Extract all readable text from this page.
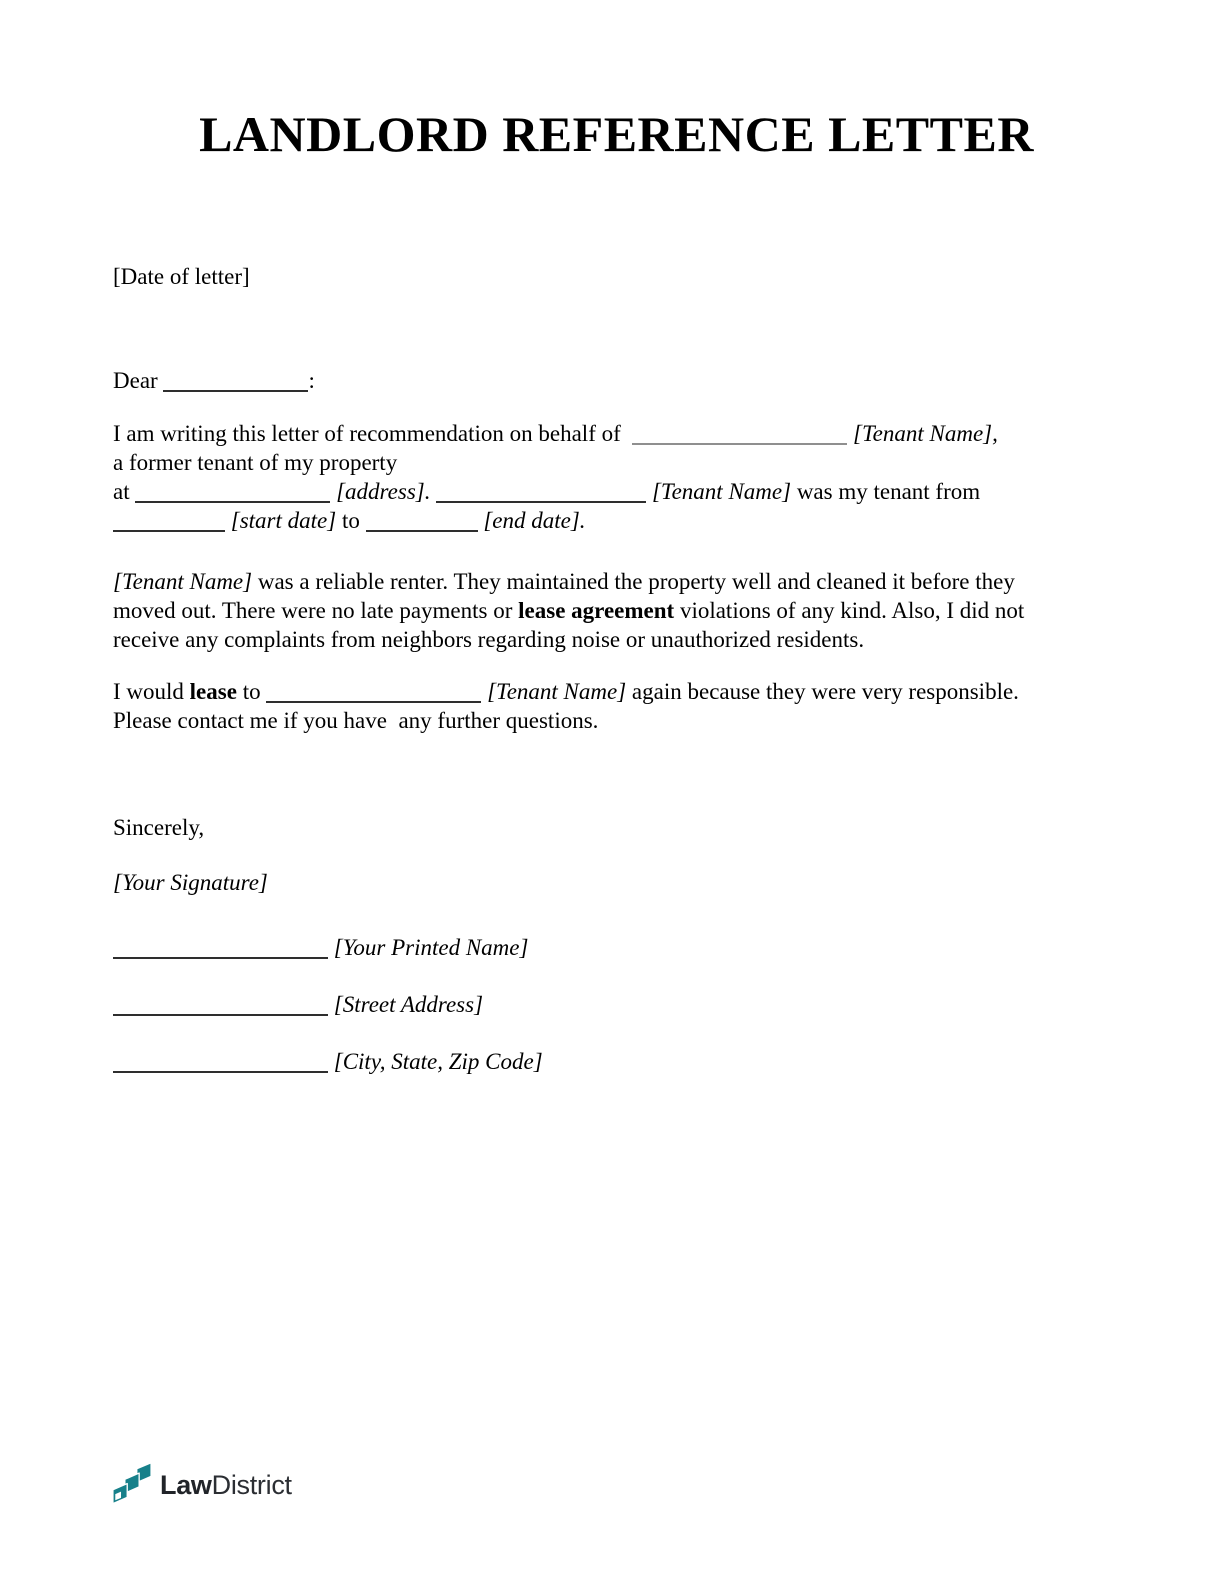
LANDLORD REFERENCE LETTER

[Date of letter]

Dear	:

I am writing this letter of recommendation on behalf of	[Tenant Name],
a former tenant of my property
at	[address].	[Tenant Name] was my tenant from
[start date] to	[end date].

[Tenant Name] was a reliable renter. They maintained the property well and cleaned it before they
moved out. There were no late payments or lease agreement violations of any kind. Also, I did not
receive any complaints from neighbors regarding noise or unauthorized residents.

I would lease to	[Tenant Name] again because they were very responsible.
Please contact me if you have  any further questions.

Sincerely,

[Your Signature]

[Your Printed Name]

[Street Address]

[City, State, Zip Code]

LawDistrict
